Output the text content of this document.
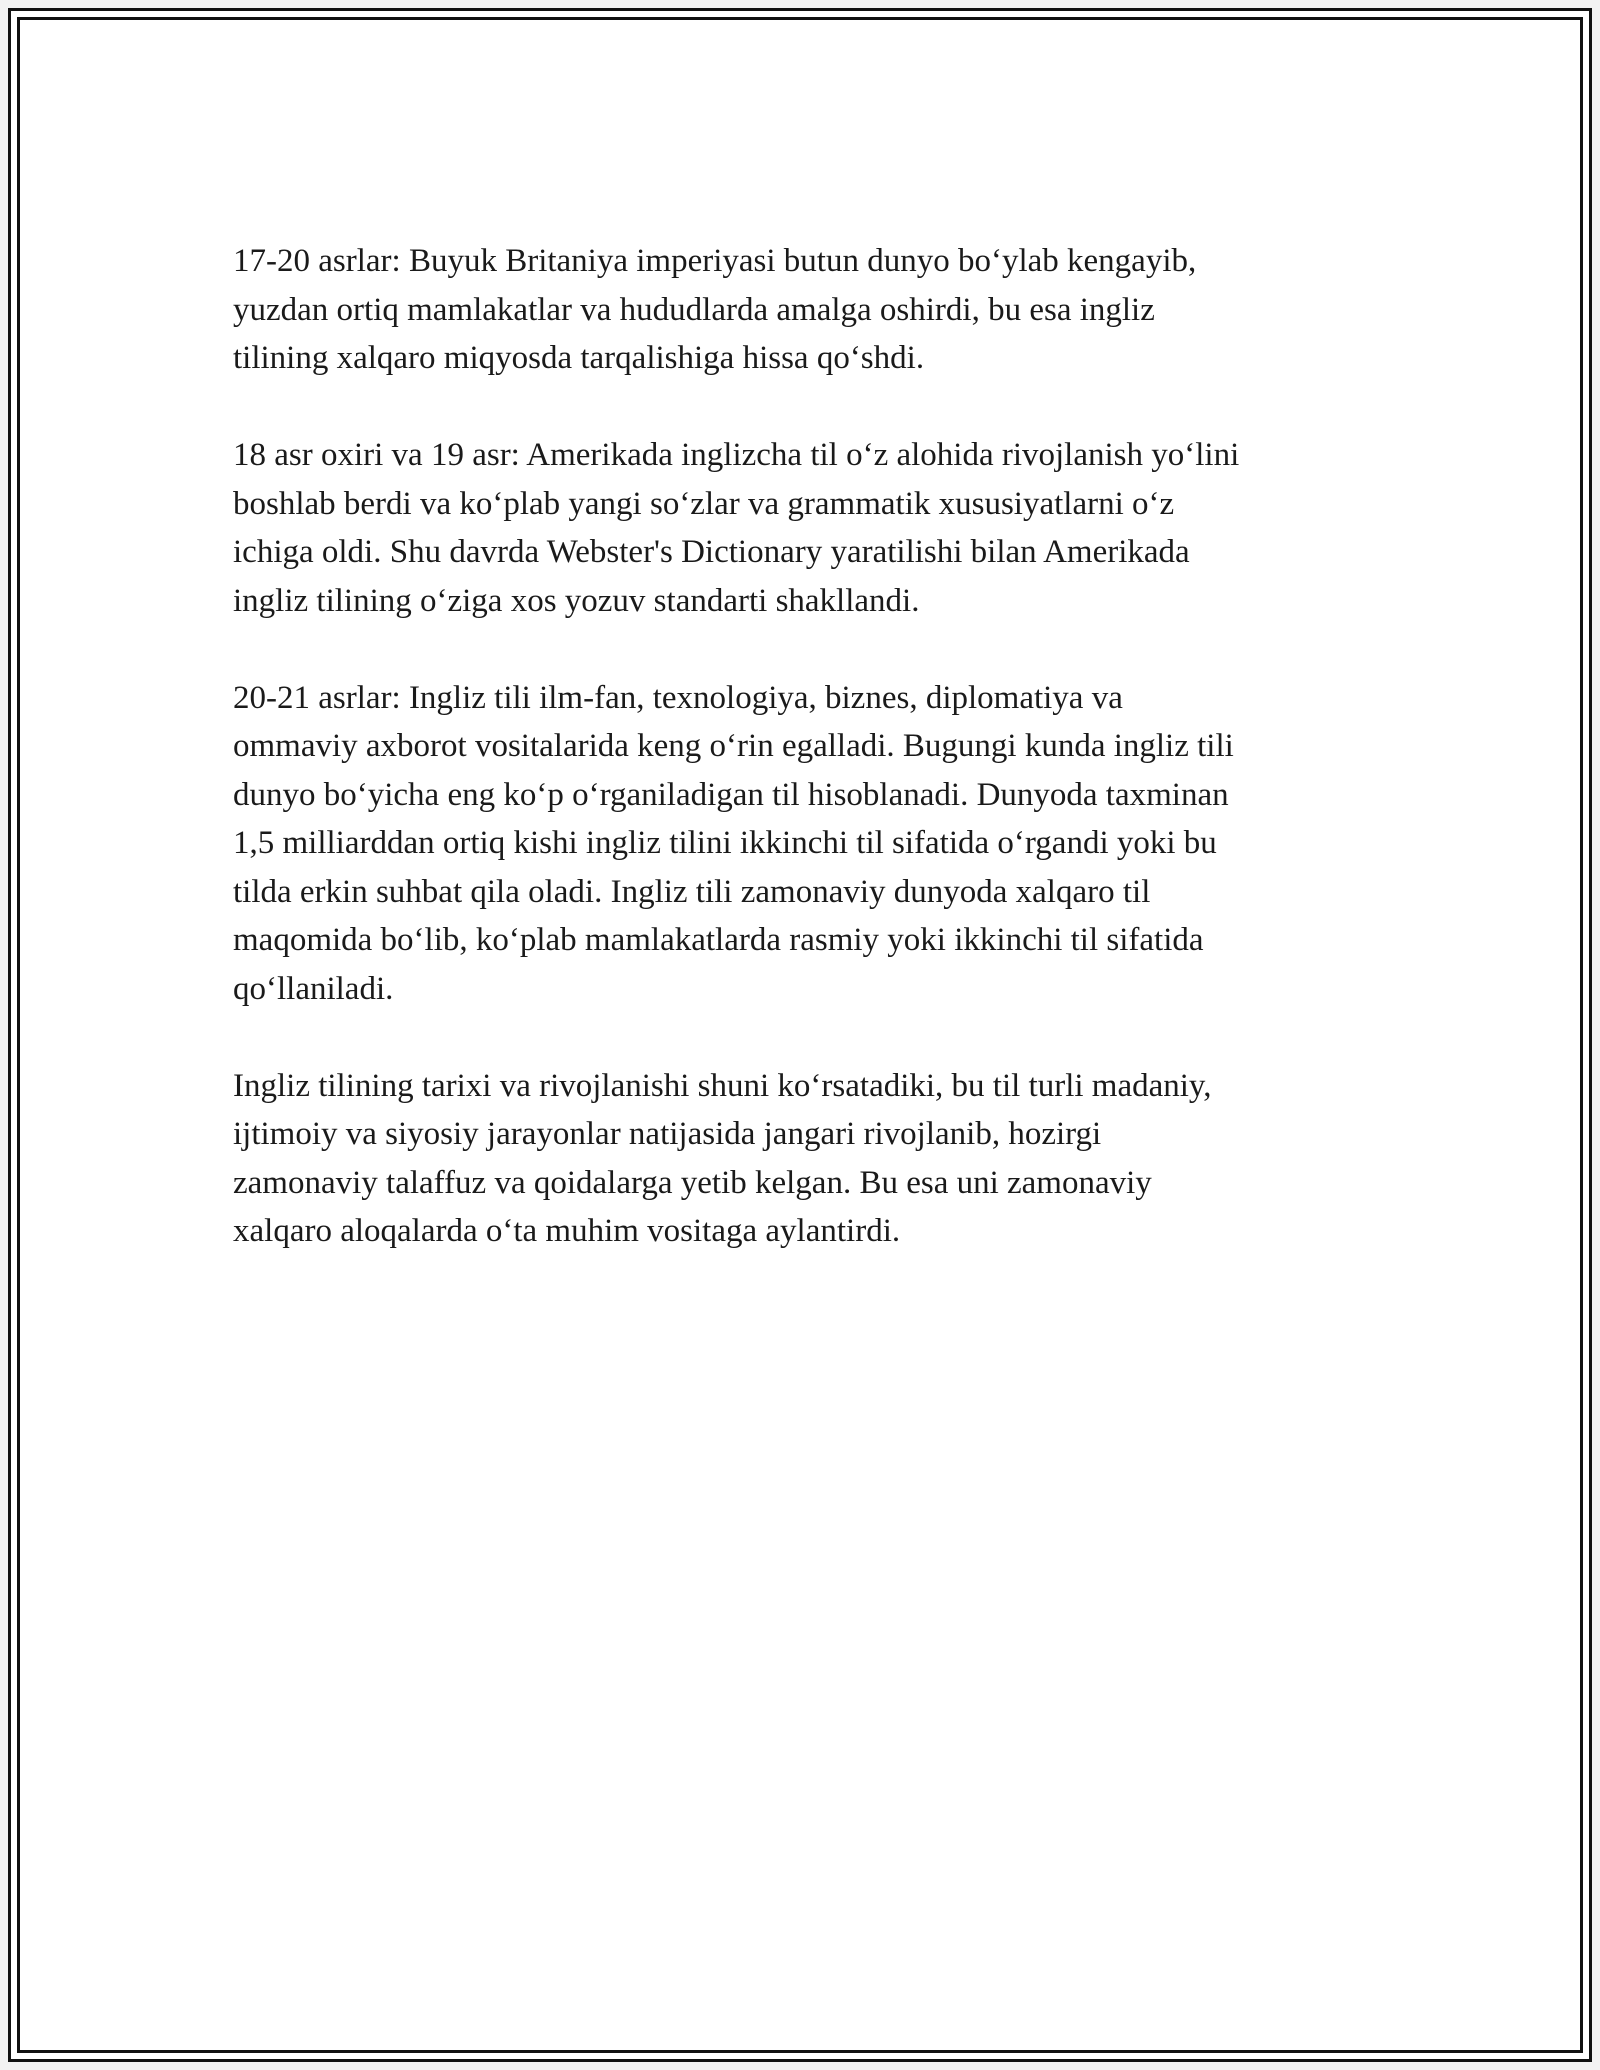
17-20 asrlar: Buyuk Britaniya imperiyasi butun dunyo bo‘ylab kengayib,
yuzdan ortiq mamlakatlar va hududlarda amalga oshirdi, bu esa ingliz
tilining xalqaro miqyosda tarqalishiga hissa qo‘shdi.

18 asr oxiri va 19 asr: Amerikada inglizcha til o‘z alohida rivojlanish yo‘lini
boshlab berdi va ko‘plab yangi so‘zlar va grammatik xususiyatlarni o‘z
ichiga oldi. Shu davrda Webster's Dictionary yaratilishi bilan Amerikada
ingliz tilining o‘ziga xos yozuv standarti shakllandi.

20-21 asrlar: Ingliz tili ilm-fan, texnologiya, biznes, diplomatiya va
ommaviy axborot vositalarida keng o‘rin egalladi. Bugungi kunda ingliz tili
dunyo bo‘yicha eng ko‘p o‘rganiladigan til hisoblanadi. Dunyoda taxminan
1,5 milliarddan ortiq kishi ingliz tilini ikkinchi til sifatida o‘rgandi yoki bu
tilda erkin suhbat qila oladi. Ingliz tili zamonaviy dunyoda xalqaro til
maqomida bo‘lib, ko‘plab mamlakatlarda rasmiy yoki ikkinchi til sifatida
qo‘llaniladi.

Ingliz tilining tarixi va rivojlanishi shuni ko‘rsatadiki, bu til turli madaniy,
ijtimoiy va siyosiy jarayonlar natijasida jangari rivojlanib, hozirgi
zamonaviy talaffuz va qoidalarga yetib kelgan. Bu esa uni zamonaviy
xalqaro aloqalarda o‘ta muhim vositaga aylantirdi.
